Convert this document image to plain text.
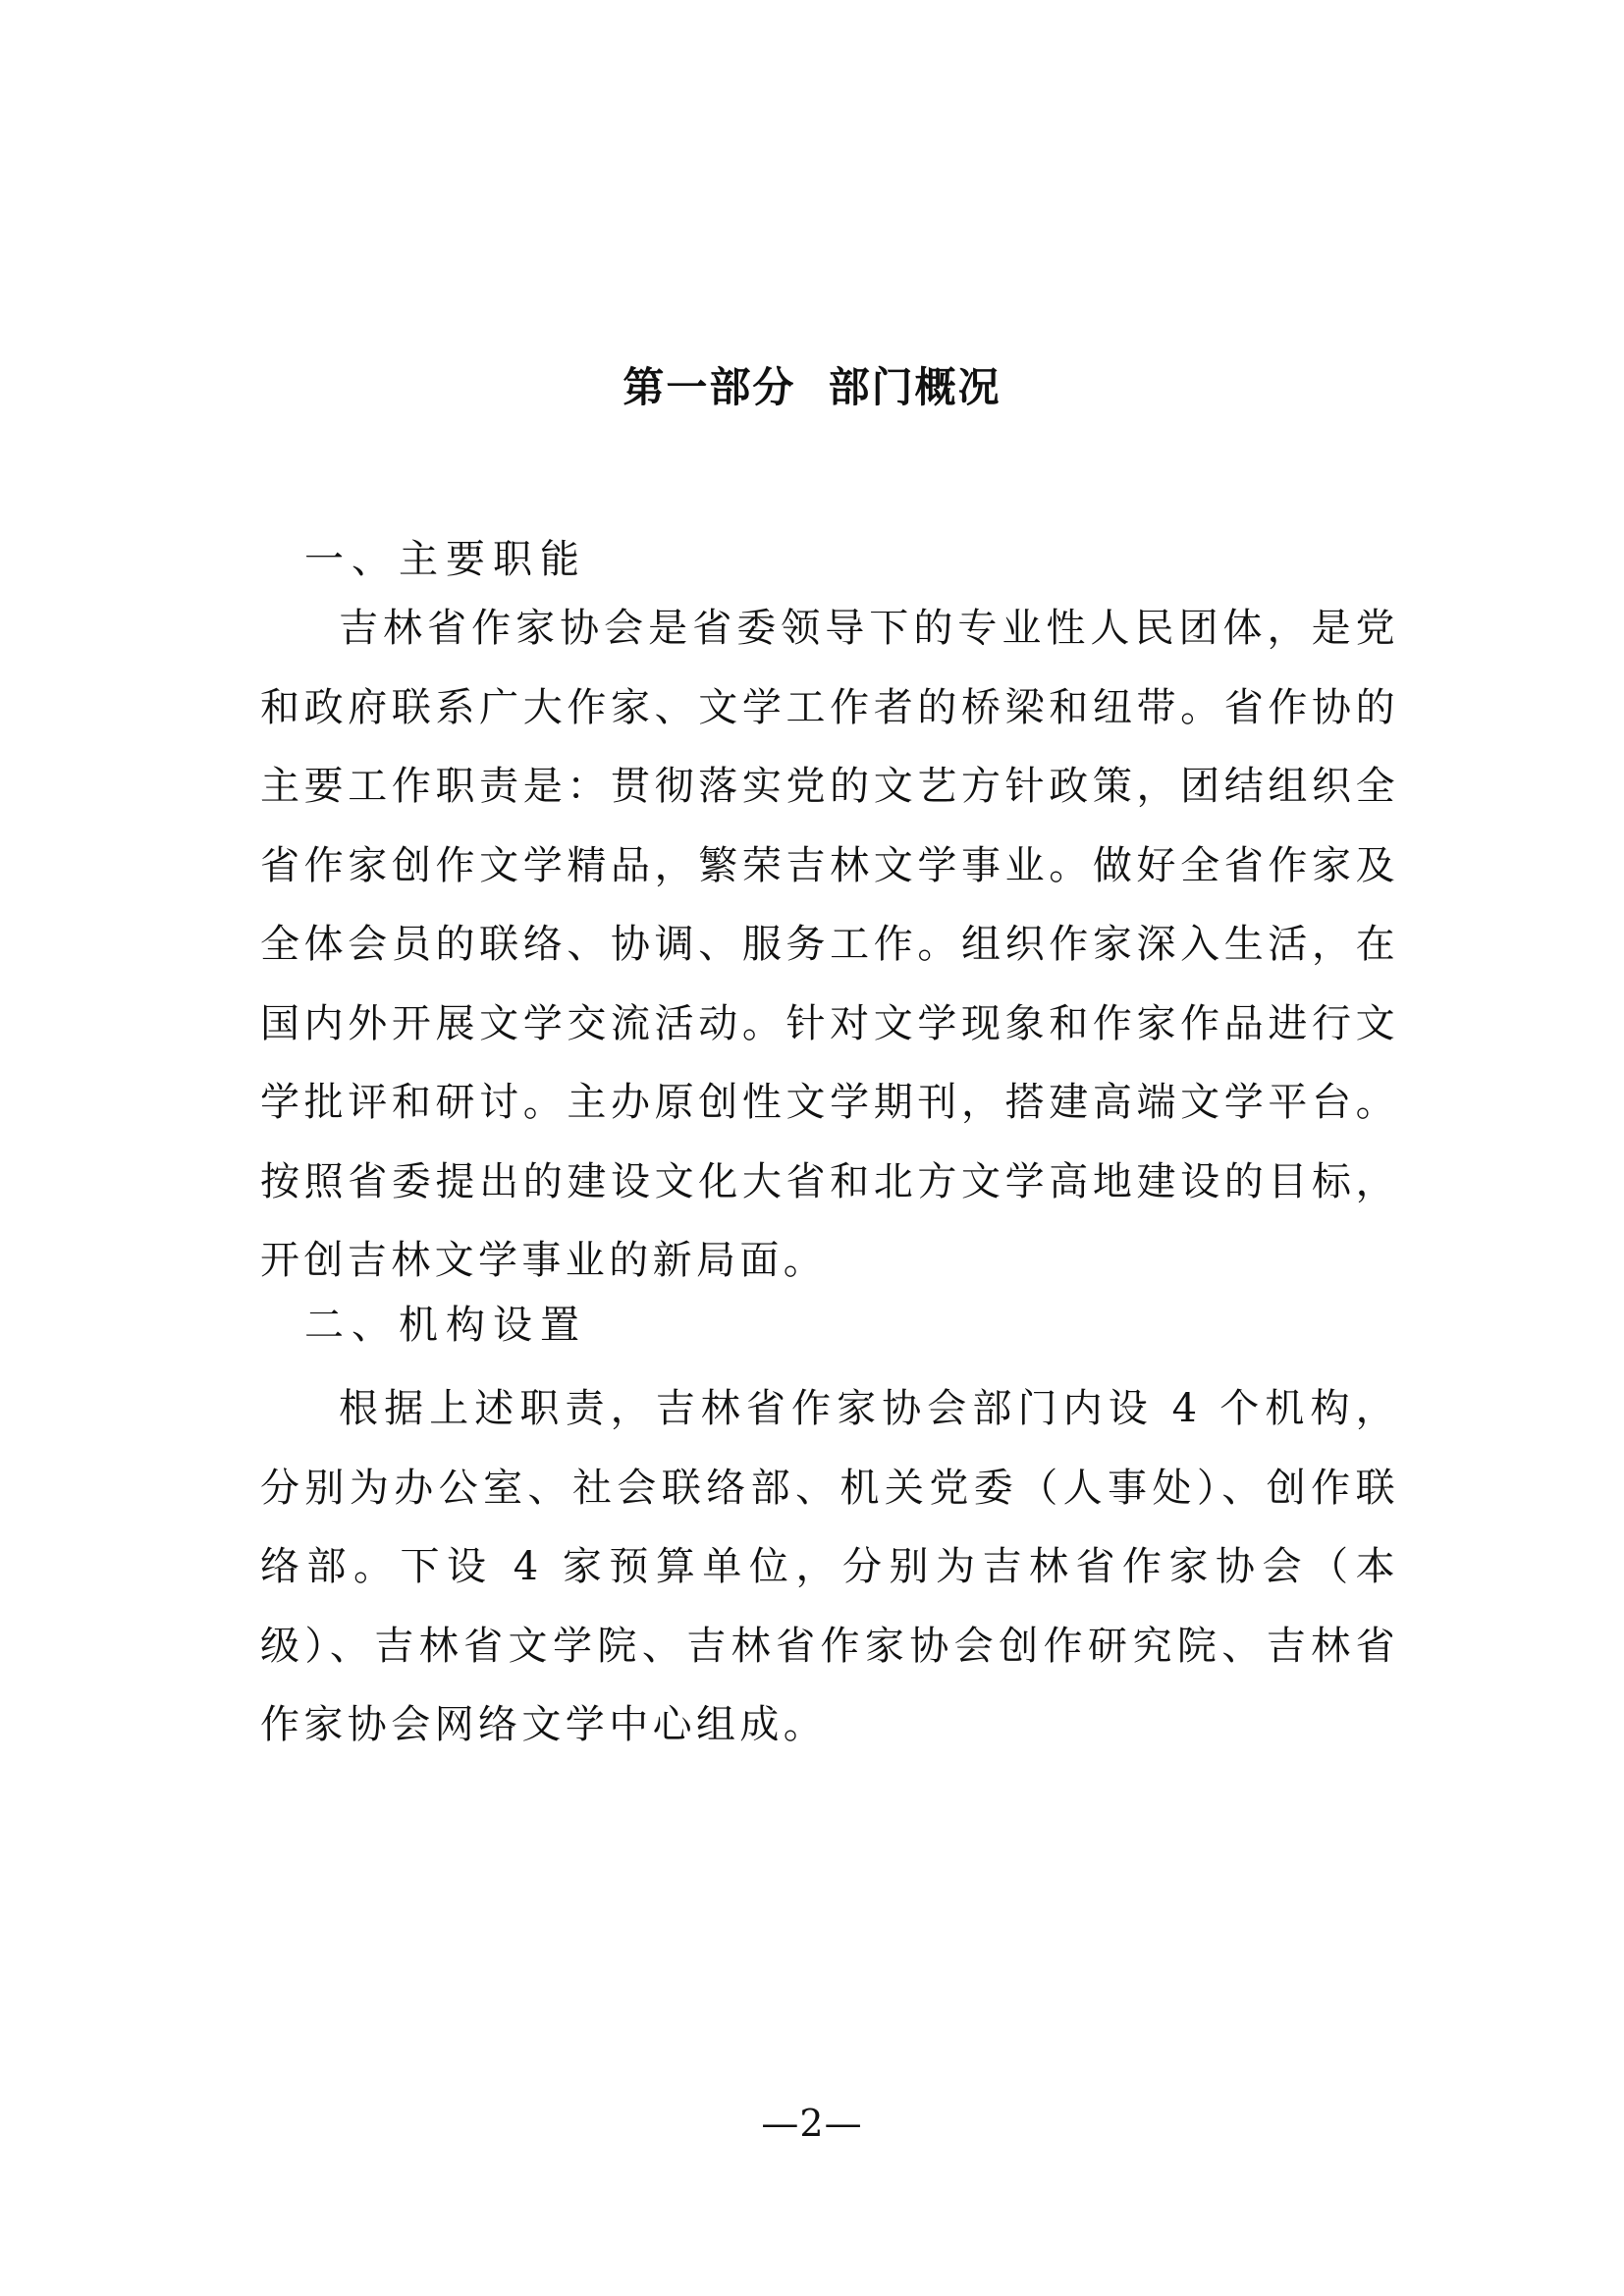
第一部分  部门概况
一、主要职能

吉林省作家协会是省委领导下的专业性人民团体，是党和政府联系广大作家、文学工作者的桥梁和纽带。省作协的主要工作职责是：贯彻落实党的文艺方针政策，团结组织全省作家创作文学精品，繁荣吉林文学事业。做好全省作家及全体会员的联络、协调、服务工作。组织作家深入生活，在国内外开展文学交流活动。针对文学现象和作家作品进行文学批评和研讨。主办原创性文学期刊，搭建高端文学平台。按照省委提出的建设文化大省和北方文学高地建设的目标，开创吉林文学事业的新局面。

二、机构设置

根据上述职责，吉林省作家协会部门内设 4 个机构，分别为办公室、社会联络部、机关党委（人事处）、创作联络部。下设 4 家预算单位，分别为吉林省作家协会（本级）、吉林省文学院、吉林省作家协会创作研究院、吉林省作家协会网络文学中心组成。

—2—
